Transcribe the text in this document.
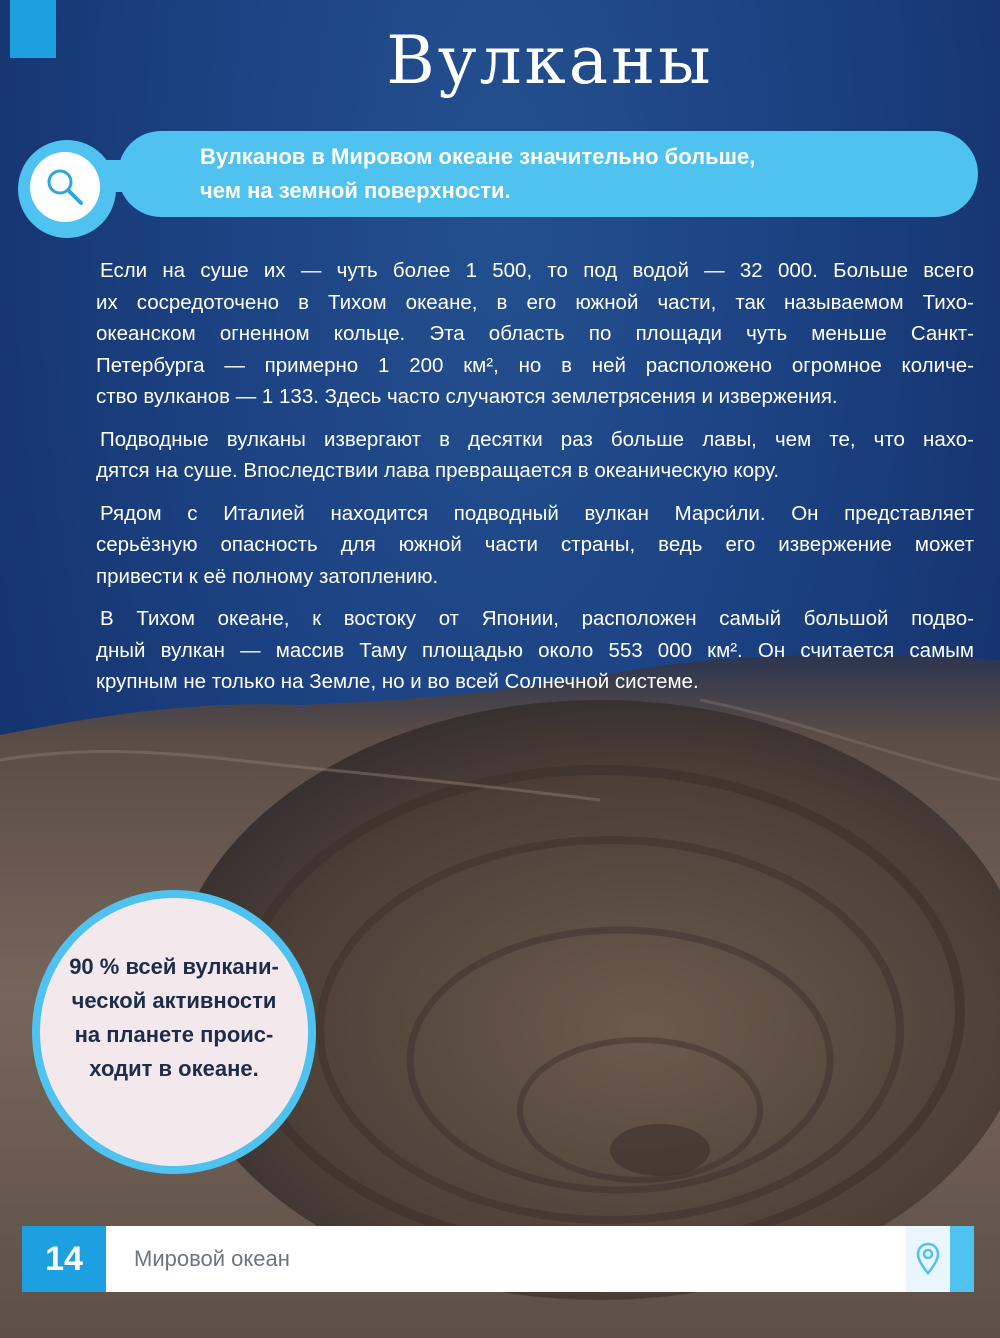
Вулканы

Вулканов в Мировом океане значительно больше,
чем на земной поверхности.

Если на суше их — чуть более 1 500, то под водой — 32 000. Больше всего
их сосредоточено в Тихом океане, в его южной части, так называемом Тихо-
океанском огненном кольце. Эта область по площади чуть меньше Санкт-
Петербурга — примерно 1 200 км², но в ней расположено огромное количе-
ство вулканов — 1 133. Здесь часто случаются землетрясения и извержения.

Подводные вулканы извергают в десятки раз больше лавы, чем те, что нахо-
дятся на суше. Впоследствии лава превращается в океаническую кору.

Рядом с Италией находится подводный вулкан Марси́ли. Он представляет
серьёзную опасность для южной части страны, ведь его извержение может
привести к её полному затоплению.

В Тихом океане, к востоку от Японии, расположен самый большой подво-
дный вулкан — массив Таму площадью около 553 000 км². Он считается самым
крупным не только на Земле, но и во всей Солнечной системе.

90 % всей вулкани-
ческой активности
на планете проис-
ходит в океане.

14	Мировой океан
